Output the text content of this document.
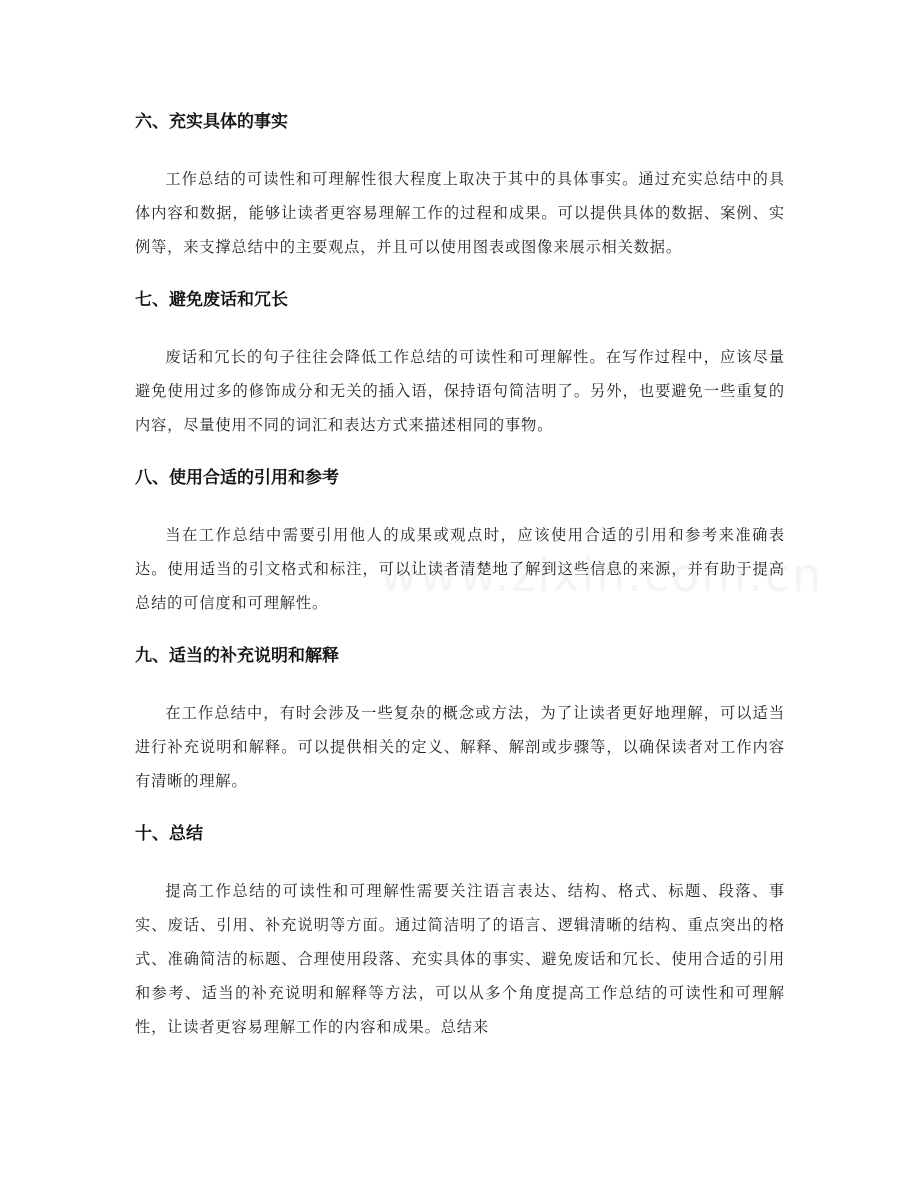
六、充实具体的事实

工作总结的可读性和可理解性很大程度上取决于其中的具体事实。通过充实总结中的具体内容和数据，能够让读者更容易理解工作的过程和成果。可以提供具体的数据、案例、实例等，来支撑总结中的主要观点，并且可以使用图表或图像来展示相关数据。

七、避免废话和冗长

废话和冗长的句子往往会降低工作总结的可读性和可理解性。在写作过程中，应该尽量避免使用过多的修饰成分和无关的插入语，保持语句简洁明了。另外，也要避免一些重复的内容，尽量使用不同的词汇和表达方式来描述相同的事物。

八、使用合适的引用和参考

当在工作总结中需要引用他人的成果或观点时，应该使用合适的引用和参考来准确表达。使用适当的引文格式和标注，可以让读者清楚地了解到这些信息的来源，并有助于提高总结的可信度和可理解性。

九、适当的补充说明和解释

在工作总结中，有时会涉及一些复杂的概念或方法，为了让读者更好地理解，可以适当进行补充说明和解释。可以提供相关的定义、解释、解剖或步骤等，以确保读者对工作内容有清晰的理解。

十、总结

提高工作总结的可读性和可理解性需要关注语言表达、结构、格式、标题、段落、事实、废话、引用、补充说明等方面。通过简洁明了的语言、逻辑清晰的结构、重点突出的格式、准确简洁的标题、合理使用段落、充实具体的事实、避免废话和冗长、使用合适的引用和参考、适当的补充说明和解释等方法，可以从多个角度提高工作总结的可读性和可理解性，让读者更容易理解工作的内容和成果。总结来
